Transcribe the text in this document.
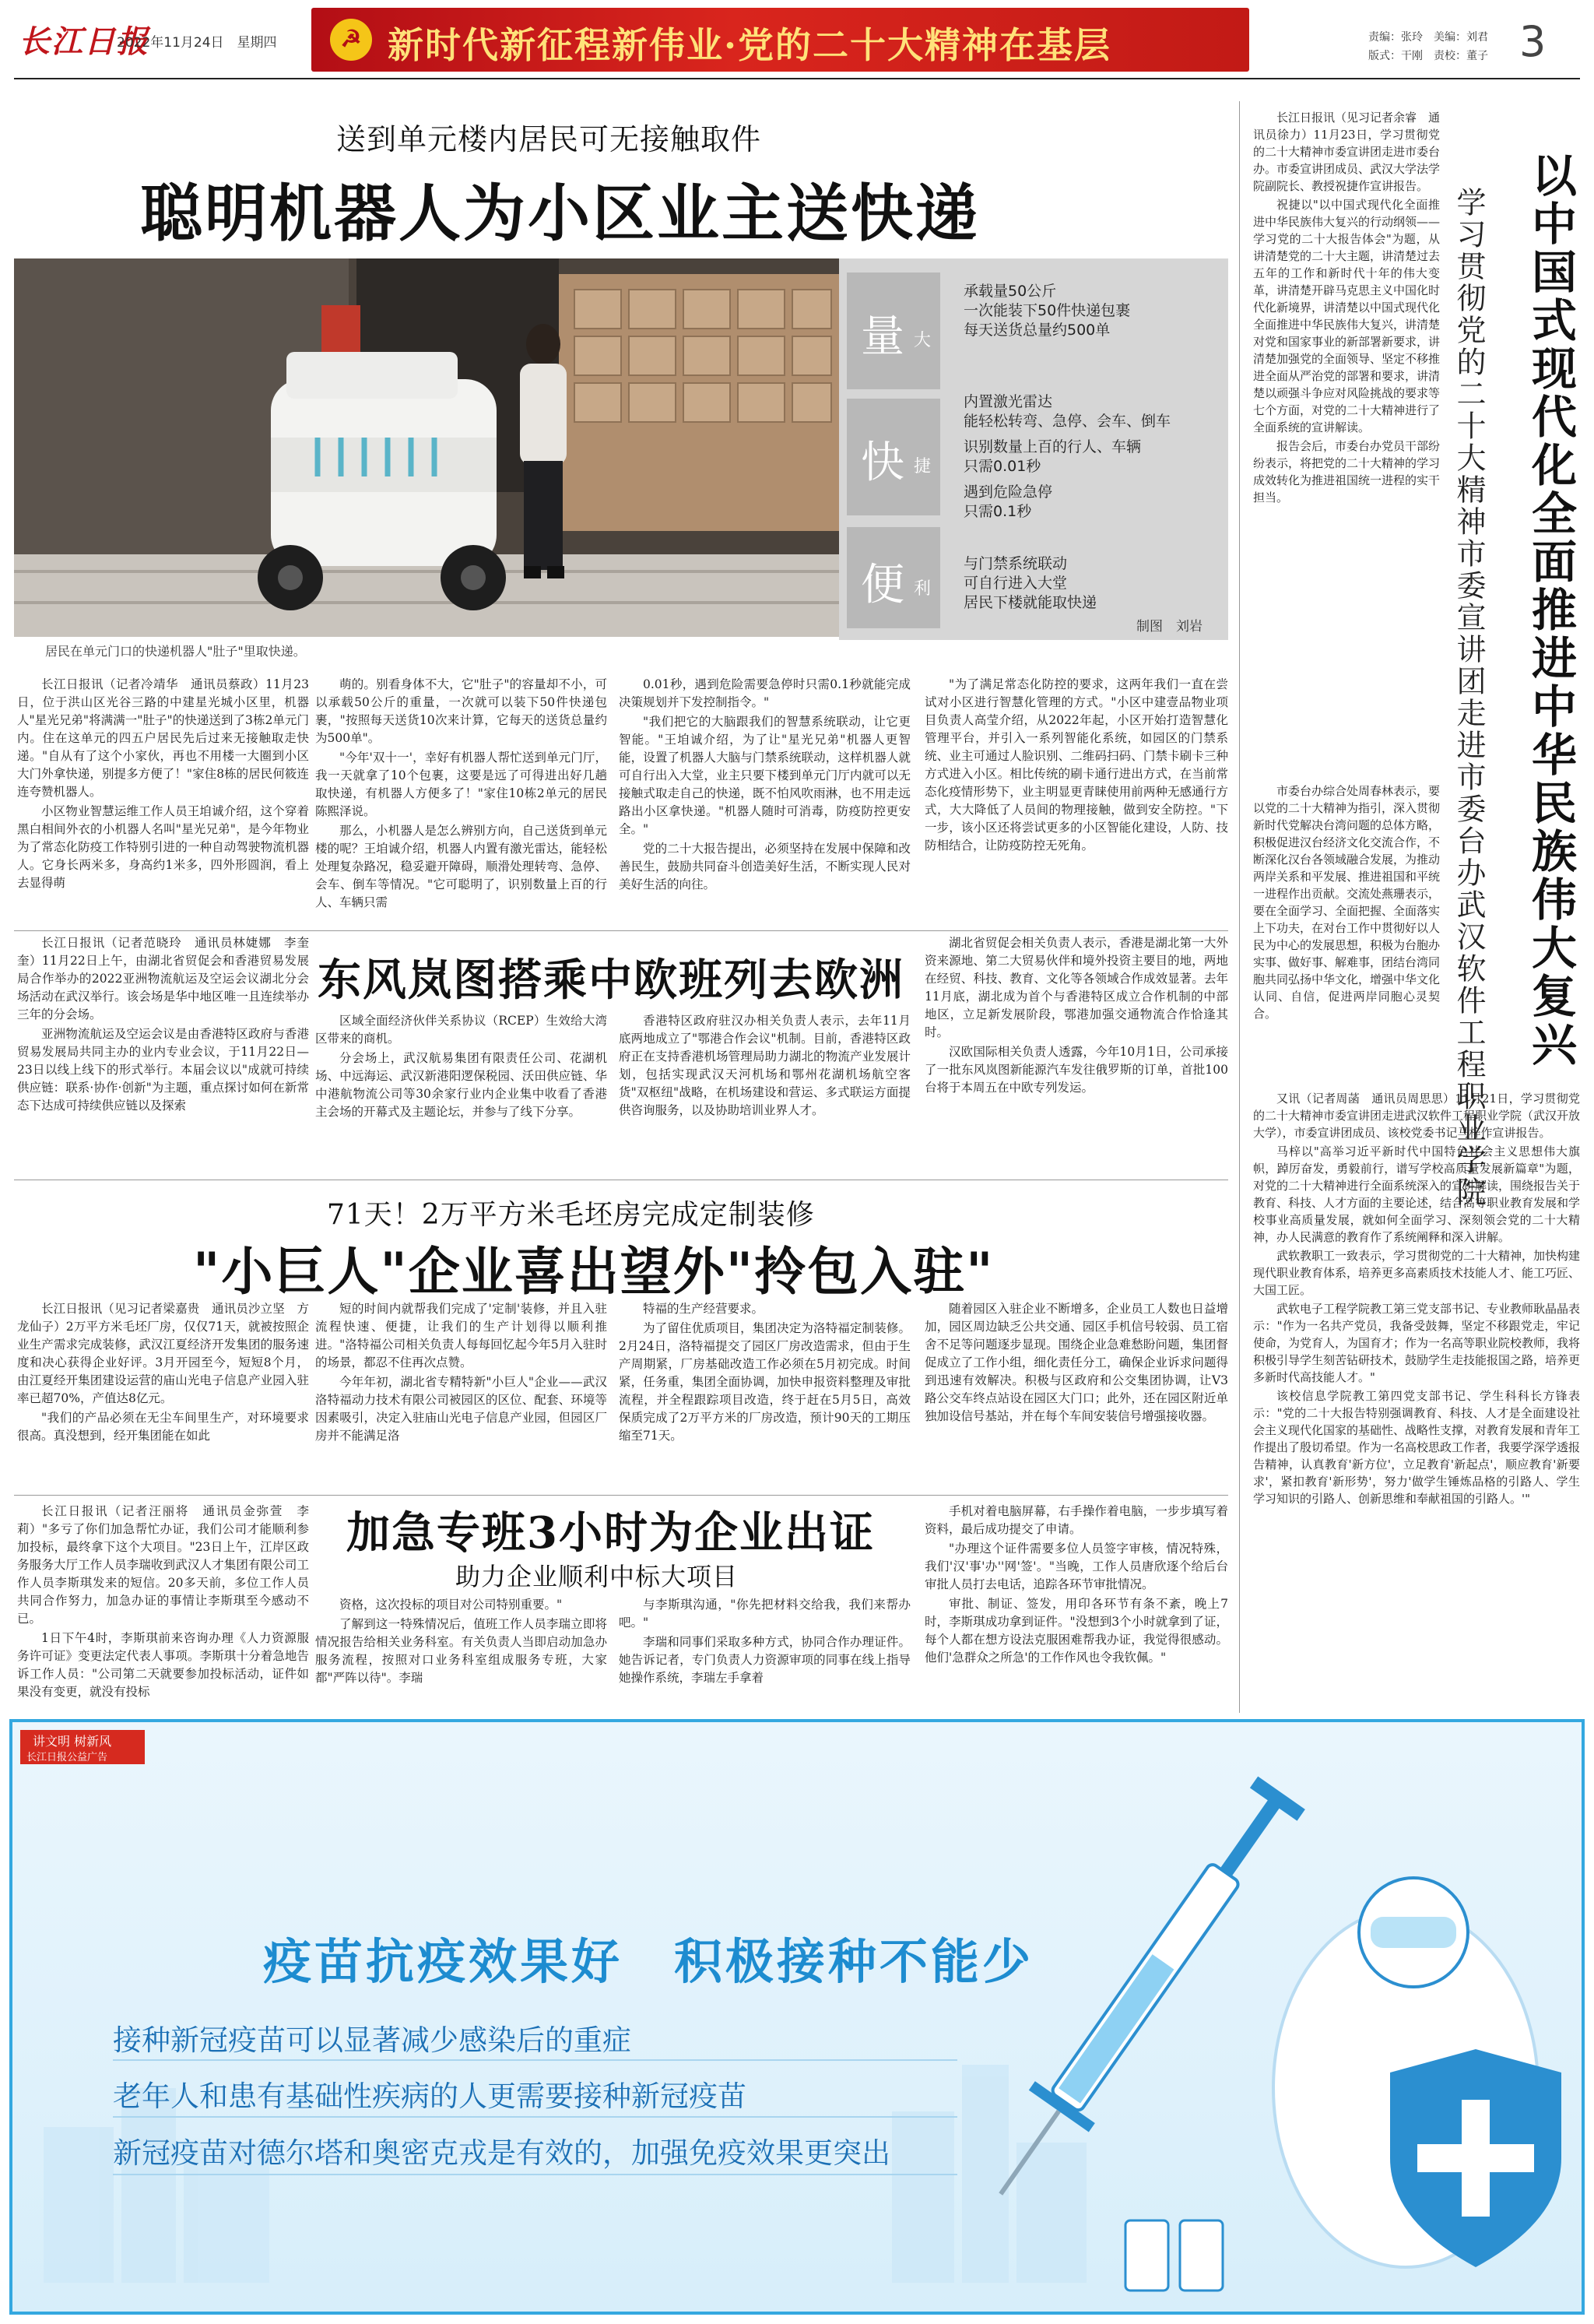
长江日报
2022年11月24日　星期四	☭ 新时代新征程新伟业·党的二十大精神在基层	责编：张玲　美编：刘君
版式：干刚　责校：董子 3
送到单元楼内居民可无接触取件
聪明机器人为小区业主送快递
居民在单元门口的快递机器人"肚子"里取快递。
量 大
承载量50公斤
一次能装下50件快递包裹
每天送货总量约500单
快 捷
内置激光雷达
能轻松转弯、急停、会车、倒车
识别数量上百的行人、车辆
只需0.01秒
遇到危险急停
只需0.1秒
便 利
与门禁系统联动
可自行进入大堂
居民下楼就能取快递
制图　刘岩

长江日报讯（记者冷靖华　通讯员蔡政）11月23日，位于洪山区光谷三路的中建星光城小区里，机器人"星光兄弟"将满满一"肚子"的快递送到了3栋2单元门内。住在这单元的四五户居民先后过来无接触取走快递。"自从有了这个小家伙，再也不用楼一大圈到小区大门外拿快递，别提多方便了！"家住8栋的居民何筱连连夸赞机器人。

小区物业智慧运维工作人员王垍诚介绍，这个穿着黑白相间外衣的小机器人名叫"星光兄弟"，是今年物业为了常态化防疫工作特别引进的一种自动驾驶物流机器人。它身长两米多，身高约1米多，四外形圆润，看上去显得萌

萌的。别看身体不大，它"肚子"的容量却不小，可以承载50公斤的重量，一次就可以装下50件快递包裹，"按照每天送货10次来计算，它每天的送货总量约为500单"。

"今年'双十一'，幸好有机器人帮忙送到单元门厅，我一天就拿了10个包裹，这要是远了可得进出好几趟取快递，有机器人方便多了！"家住10栋2单元的居民陈熙泽说。

那么，小机器人是怎么辨别方向，自己送货到单元楼的呢？王垍诚介绍，机器人内置有激光雷达，能轻松处理复杂路况，稳妥避开障碍，顺滑处理转弯、急停、会车、倒车等情况。"它可聪明了，识别数量上百的行人、车辆只需

0.01秒，遇到危险需要急停时只需0.1秒就能完成决策规划并下发控制指令。"

"我们把它的大脑跟我们的智慧系统联动，让它更智能。"王垍诚介绍，为了让"星光兄弟"机器人更智能，设置了机器人大脑与门禁系统联动，这样机器人就可自行出入大堂，业主只要下楼到单元门厅内就可以无接触式取走自己的快递，既不怕风吹雨淋，也不用走远路出小区拿快递。"机器人随时可消毒，防疫防控更安全。"

党的二十大报告提出，必须坚持在发展中保障和改善民生，鼓励共同奋斗创造美好生活，不断实现人民对美好生活的向往。

"为了满足常态化防控的要求，这两年我们一直在尝试对小区进行智慧化管理的方式。"小区中建壹品物业项目负责人高莹介绍，从2022年起，小区开始打造智慧化管理平台，并引入一系列智能化系统，如园区的门禁系统、业主可通过人脸识别、二维码扫码、门禁卡刷卡三种方式进入小区。相比传统的刷卡通行进出方式，在当前常态化疫情形势下，业主明显更青睐使用前两种无感通行方式，大大降低了人员间的物理接触，做到安全防控。"下一步，该小区还将尝试更多的小区智能化建设，人防、技防相结合，让防疫防控无死角。

东风岚图搭乘中欧班列去欧洲

长江日报讯（记者范晓玲　通讯员林婕娜　李奎奎）11月22日上午，由湖北省贸促会和香港贸易发展局合作举办的2022亚洲物流航运及空运会议湖北分会场活动在武汉举行。该会场是华中地区唯一且连续举办三年的分会场。

亚洲物流航运及空运会议是由香港特区政府与香港贸易发展局共同主办的业内专业会议，于11月22日—23日以线上线下的形式举行。本届会议以"成就可持续供应链：联系·协作·创新"为主题，重点探讨如何在新常态下达成可持续供应链以及探索

区域全面经济伙伴关系协议（RCEP）生效给大湾区带来的商机。

分会场上，武汉航易集团有限责任公司、花湖机场、中远海运、武汉新港阳逻保税园、沃田供应链、华中港航物流公司等30余家行业内企业集中收看了香港主会场的开幕式及主题论坛，并参与了线下分享。

香港特区政府驻汉办相关负责人表示，去年11月底两地成立了"鄂港合作会议"机制。目前，香港特区政府正在支持香港机场管理局助力湖北的物流产业发展计划，包括实现武汉天河机场和鄂州花湖机场航空客货"双枢纽"战略，在机场建设和营运、多式联运方面提供咨询服务，以及协助培训业界人才。

湖北省贸促会相关负责人表示，香港是湖北第一大外资来源地、第二大贸易伙伴和境外投资主要目的地，两地在经贸、科技、教育、文化等各领域合作成效显著。去年11月底，湖北成为首个与香港特区成立合作机制的中部地区，立足新发展阶段，鄂港加强交通物流合作恰逢其时。

汉欧国际相关负责人透露，今年10月1日，公司承接了一批东风岚图新能源汽车发往俄罗斯的订单，首批100台将于本周五在中欧专列发运。

71天！2万平方米毛坯房完成定制装修
"小巨人"企业喜出望外"拎包入驻"

长江日报讯（见习记者梁嘉贵　通讯员沙立坚　方龙仙子）2万平方米毛坯厂房，仅仅71天，就被按照企业生产需求完成装修，武汉江夏经济开发集团的服务速度和决心获得企业好评。3月开园至今，短短8个月，由江夏经开集团建设运营的庙山光电子信息产业园入驻率已超70%，产值达8亿元。

"我们的产品必须在无尘车间里生产，对环境要求很高。真没想到，经开集团能在如此

短的时间内就帮我们完成了'定制'装修，并且入驻流程快速、便捷，让我们的生产计划得以顺利推进。"洛特福公司相关负责人每每回忆起今年5月入驻时的场景，都忍不住再次点赞。

今年年初，湖北省专精特新"小巨人"企业——武汉洛特福动力技术有限公司被园区的区位、配套、环境等因素吸引，决定入驻庙山光电子信息产业园，但园区厂房并不能满足洛

特福的生产经营要求。

为了留住优质项目，集团决定为洛特福定制装修。2月24日，洛特福提交了园区厂房改造需求，但由于生产周期紧，厂房基础改造工作必须在5月初完成。时间紧，任务重，集团全面协调，加快申报资料整理及审批流程，并全程跟踪项目改造，终于赶在5月5日，高效保质完成了2万平方米的厂房改造，预计90天的工期压缩至71天。

随着园区入驻企业不断增多，企业员工人数也日益增加，园区周边缺乏公共交通、园区手机信号较弱、员工宿舍不足等问题逐步显现。围绕企业急难愁盼问题，集团督促成立了工作小组，细化责任分工，确保企业诉求问题得到迅速有效解决。积极与区政府和公交集团协调，让V3路公交车终点站设在园区大门口；此外，还在园区附近单独加设信号基站，并在每个车间安装信号增强接收器。

加急专班3小时为企业出证
助力企业顺利中标大项目

长江日报讯（记者汪丽将　通讯员金弥萱　李莉）"多亏了你们加急帮忙办证，我们公司才能顺利参加投标，最终拿下这个大项目。"23日上午，江岸区政务服务大厅工作人员李瑞收到武汉人才集团有限公司工作人员李斯琪发来的短信。20多天前，多位工作人员共同合作努力，加急办证的事情让李斯琪至今感动不已。

1日下午4时，李斯琪前来咨询办理《人力资源服务许可证》变更法定代表人事项。李斯琪十分着急地告诉工作人员："公司第二天就要参加投标活动，证件如果没有变更，就没有投标

资格，这次投标的项目对公司特别重要。"

了解到这一特殊情况后，值班工作人员李瑞立即将情况报告给相关业务科室。有关负责人当即启动加急办服务流程，按照对口业务科室组成服务专班，大家都"严阵以待"。李瑞

与李斯琪沟通，"你先把材料交给我，我们来帮办吧。"

李瑞和同事们采取多种方式，协同合作办理证件。她告诉记者，专门负责人力资源审项的同事在线上指导她操作系统，李瑞左手拿着

手机对着电脑屏幕，右手操作着电脑，一步步填写着资料，最后成功提交了申请。

"办理这个证件需要多位人员签字审核，情况特殊，我们'汉'事'办''网'签'。"当晚，工作人员唐欣逐个给后台审批人员打去电话，追踪各环节审批情况。

审批、制证、签发，用印各环节有条不紊，晚上7时，李斯琪成功拿到证件。"没想到3个小时就拿到了证，每个人都在想方设法克服困难帮我办证，我觉得很感动。他们'急群众之所急'的工作作风也令我钦佩。"

以中国式现代化全面推进中华民族伟大复兴
学习贯彻党的二十大精神市委宣讲团走进市委台办武汉软件工程职业学院

长江日报讯（见习记者余睿　通讯员徐力）11月23日，学习贯彻党的二十大精神市委宣讲团走进市委台办。市委宣讲团成员、武汉大学法学院副院长、教授祝捷作宣讲报告。

祝捷以"以中国式现代化全面推进中华民族伟大复兴的行动纲领——学习党的二十大报告体会"为题，从讲清楚党的二十大主题，讲清楚过去五年的工作和新时代十年的伟大变革，讲清楚开辟马克思主义中国化时代化新境界，讲清楚以中国式现代化全面推进中华民族伟大复兴，讲清楚对党和国家事业的新部署新要求，讲清楚加强党的全面领导、坚定不移推进全面从严治党的部署和要求，讲清楚以顽强斗争应对风险挑战的要求等七个方面，对党的二十大精神进行了全面系统的宣讲解读。

报告会后，市委台办党员干部纷纷表示，将把党的二十大精神的学习成效转化为推进祖国统一进程的实干担当。

市委台办综合处周春林表示，要以党的二十大精神为指引，深入贯彻新时代党解决台湾问题的总体方略，积极促进汉台经济文化交流合作，不断深化汉台各领域融合发展，为推动两岸关系和平发展、推进祖国和平统一进程作出贡献。交流处燕珊表示，要在全面学习、全面把握、全面落实上下功夫，在对台工作中贯彻好以人民为中心的发展思想，积极为台胞办实事、做好事、解难事，团结台湾同胞共同弘扬中华文化，增强中华文化认同、自信，促进两岸同胞心灵契合。

又讯（记者周菡　通讯员周思思）11月21日，学习贯彻党的二十大精神市委宣讲团走进武汉软件工程职业学院（武汉开放大学），市委宣讲团成员、该校党委书记马梓作宣讲报告。

马梓以"高举习近平新时代中国特色社会主义思想伟大旗帜，踔厉奋发，勇毅前行，谱写学校高质量发展新篇章"为题，对党的二十大精神进行全面系统深入的宣讲解读，围绕报告关于教育、科技、人才方面的主要论述，结合高等职业教育发展和学校事业高质量发展，就如何全面学习、深刻领会党的二十大精神，办人民满意的教育作了系统阐释和深入讲解。

武软教职工一致表示，学习贯彻党的二十大精神，加快构建现代职业教育体系，培养更多高素质技术技能人才、能工巧匠、大国工匠。

武软电子工程学院教工第三党支部书记、专业教师耿晶晶表示："作为一名共产党员，我备受鼓舞，坚定不移跟党走，牢记使命，为党育人，为国育才；作为一名高等职业院校教师，我将积极引导学生刻苦钻研技术，鼓励学生走技能报国之路，培养更多新时代高技能人才。"

该校信息学院教工第四党支部书记、学生科科长方锋表示："党的二十大报告特别强调教育、科技、人才是全面建设社会主义现代化国家的基础性、战略性支撑，对教育发展和青年工作提出了殷切希望。作为一名高校思政工作者，我要学深学透报告精神，认真教育'新方位'，立足教育'新起点'，顺应教育'新要求'，紧扣教育'新形势'，努力'做学生锤炼品格的引路人、学生学习知识的引路人、创新思维和奉献祖国的引路人。'"

讲文明 树新风
长江日报公益广告
疫苗抗疫效果好　积极接种不能少
接种新冠疫苗可以显著减少感染后的重症
老年人和患有基础性疾病的人更需要接种新冠疫苗
新冠疫苗对德尔塔和奥密克戎是有效的，加强免疫效果更突出
